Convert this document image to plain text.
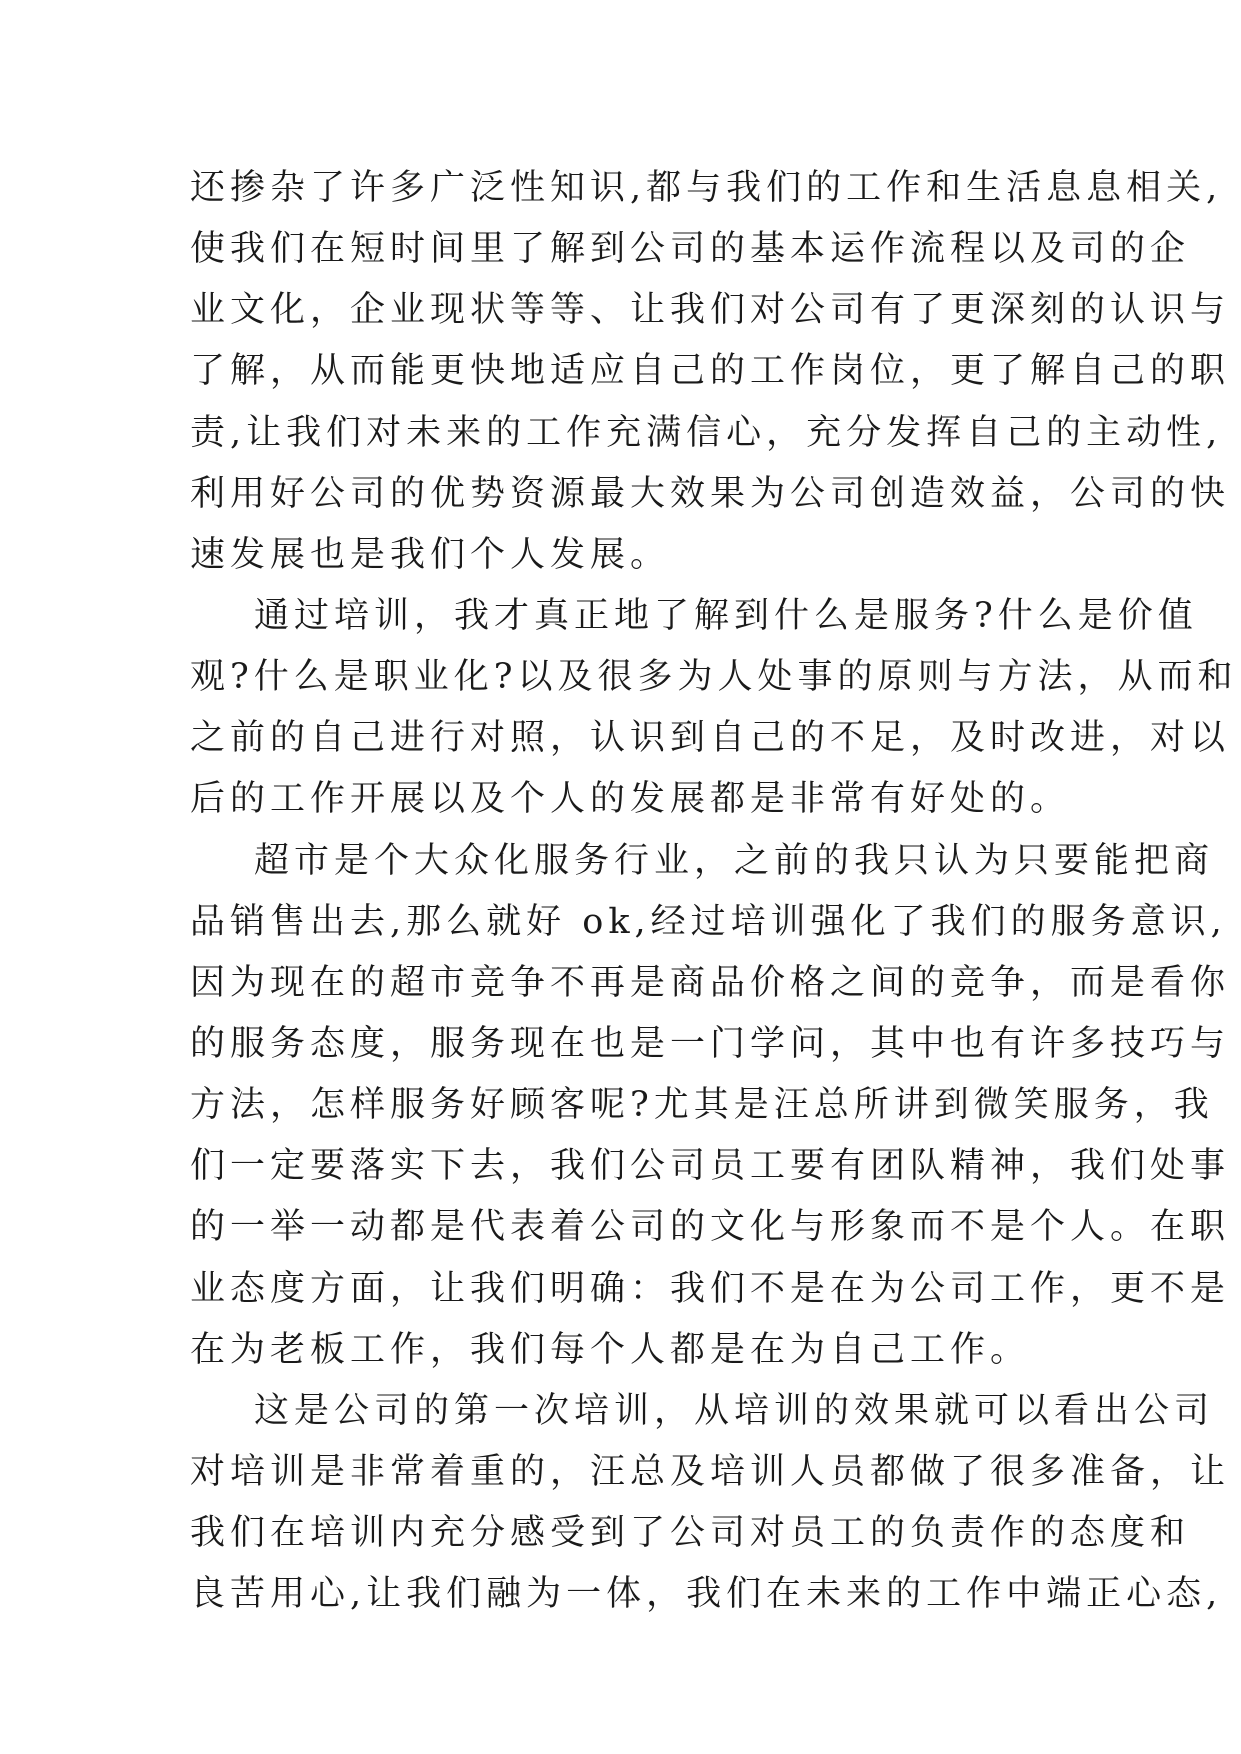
还掺杂了许多广泛性知识,都与我们的工作和生活息息相关,
使我们在短时间里了解到公司的基本运作流程以及司的企
业文化，企业现状等等、让我们对公司有了更深刻的认识与
了解，从而能更快地适应自己的工作岗位，更了解自己的职
责,让我们对未来的工作充满信心，充分发挥自己的主动性,
利用好公司的优势资源最大效果为公司创造效益，公司的快
速发展也是我们个人发展。
通过培训，我才真正地了解到什么是服务?什么是价值
观?什么是职业化?以及很多为人处事的原则与方法，从而和
之前的自己进行对照，认识到自己的不足，及时改进，对以
后的工作开展以及个人的发展都是非常有好处的。
超市是个大众化服务行业，之前的我只认为只要能把商
品销售出去,那么就好 ok,经过培训强化了我们的服务意识,
因为现在的超市竞争不再是商品价格之间的竞争，而是看你
的服务态度，服务现在也是一门学问，其中也有许多技巧与
方法，怎样服务好顾客呢?尤其是汪总所讲到微笑服务，我
们一定要落实下去，我们公司员工要有团队精神，我们处事
的一举一动都是代表着公司的文化与形象而不是个人。在职
业态度方面，让我们明确：我们不是在为公司工作，更不是
在为老板工作，我们每个人都是在为自己工作。
这是公司的第一次培训，从培训的效果就可以看出公司
对培训是非常着重的，汪总及培训人员都做了很多准备，让
我们在培训内充分感受到了公司对员工的负责作的态度和
良苦用心,让我们融为一体，我们在未来的工作中端正心态,
